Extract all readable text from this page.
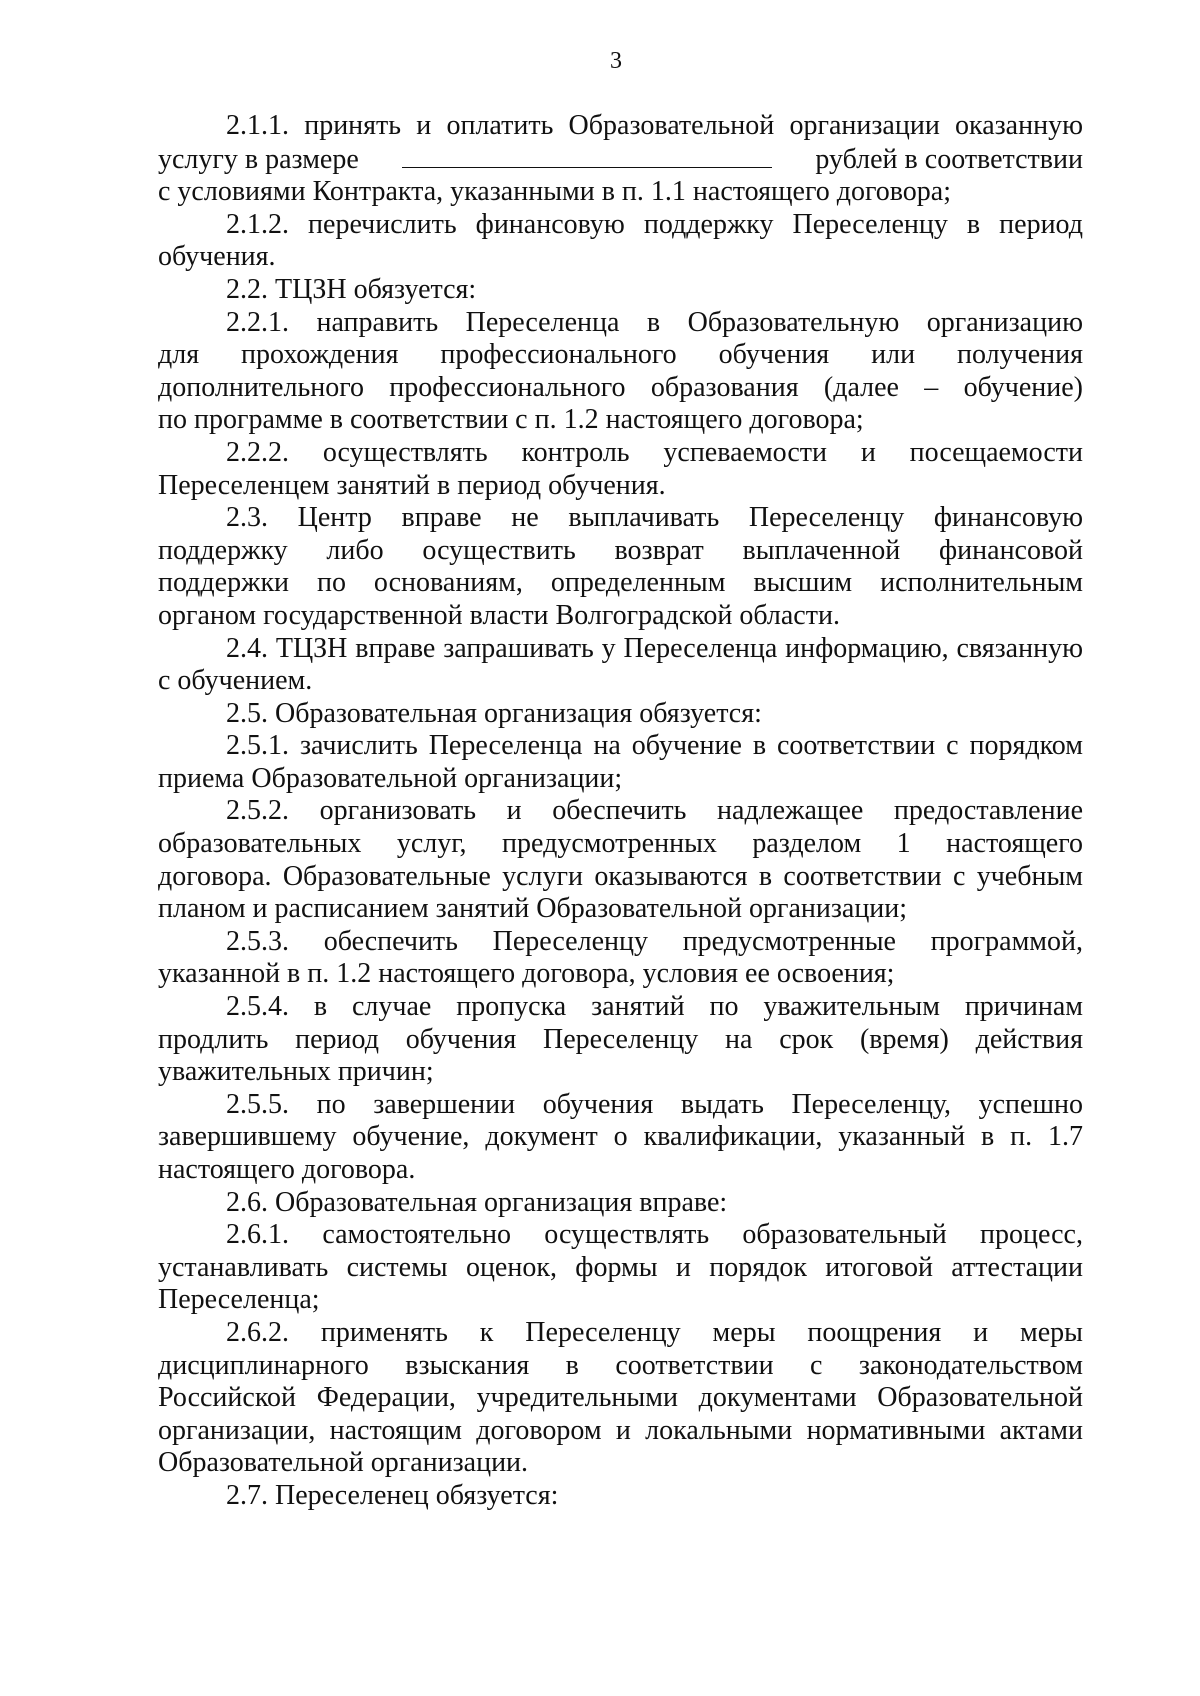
3
2.1.1. принять и оплатить Образовательной организации оказанную
услугу в размере	рублей в соответствии
с условиями Контракта, указанными в п. 1.1 настоящего договора;
2.1.2. перечислить финансовую поддержку Переселенцу в период
обучения.
2.2. ТЦЗН обязуется:
2.2.1. направить Переселенца в Образовательную организацию
для прохождения профессионального обучения или получения
дополнительного профессионального образования (далее – обучение)
по программе в соответствии с п. 1.2 настоящего договора;
2.2.2. осуществлять контроль успеваемости и посещаемости
Переселенцем занятий в период обучения.
2.3. Центр вправе не выплачивать Переселенцу финансовую
поддержку либо осуществить возврат выплаченной финансовой
поддержки по основаниям, определенным высшим исполнительным
органом государственной власти Волгоградской области.
2.4. ТЦЗН вправе запрашивать у Переселенца информацию, связанную
с обучением.
2.5. Образовательная организация обязуется:
2.5.1. зачислить Переселенца на обучение в соответствии с порядком
приема Образовательной организации;
2.5.2. организовать и обеспечить надлежащее предоставление
образовательных услуг, предусмотренных разделом 1 настоящего
договора. Образовательные услуги оказываются в соответствии с учебным
планом и расписанием занятий Образовательной организации;
2.5.3. обеспечить Переселенцу предусмотренные программой,
указанной в п. 1.2 настоящего договора, условия ее освоения;
2.5.4. в случае пропуска занятий по уважительным причинам
продлить период обучения Переселенцу на срок (время) действия
уважительных причин;
2.5.5. по завершении обучения выдать Переселенцу, успешно
завершившему обучение, документ о квалификации, указанный в п. 1.7
настоящего договора.
2.6. Образовательная организация вправе:
2.6.1. самостоятельно осуществлять образовательный процесс,
устанавливать системы оценок, формы и порядок итоговой аттестации
Переселенца;
2.6.2. применять к Переселенцу меры поощрения и меры
дисциплинарного взыскания в соответствии с законодательством
Российской Федерации, учредительными документами Образовательной
организации, настоящим договором и локальными нормативными актами
Образовательной организации.
2.7. Переселенец обязуется:
